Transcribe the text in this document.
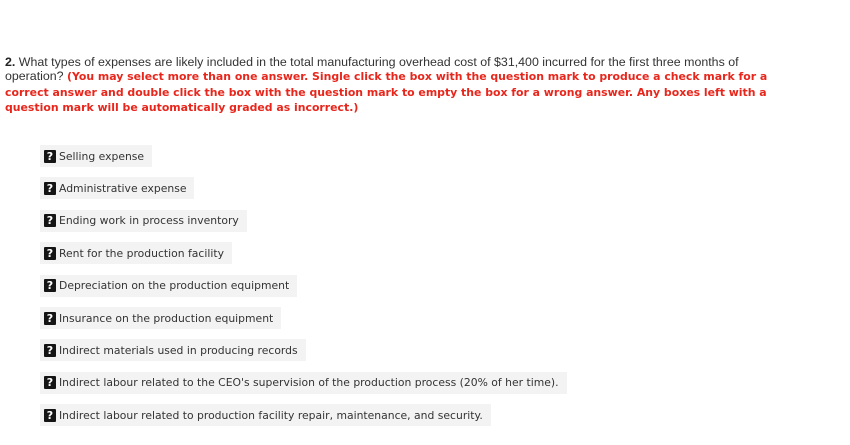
2. What types of expenses are likely included in the total manufacturing overhead cost of $31,400 incurred for the first three months of operation? (You may select more than one answer. Single click the box with the question mark to produce a check mark for a correct answer and double click the box with the question mark to empty the box for a wrong answer. Any boxes left with a question mark will be automatically graded as incorrect.)
? Selling expense
? Administrative expense
? Ending work in process inventory
? Rent for the production facility
? Depreciation on the production equipment
? Insurance on the production equipment
? Indirect materials used in producing records
? Indirect labour related to the CEO's supervision of the production process (20% of her time).
? Indirect labour related to production facility repair, maintenance, and security.
